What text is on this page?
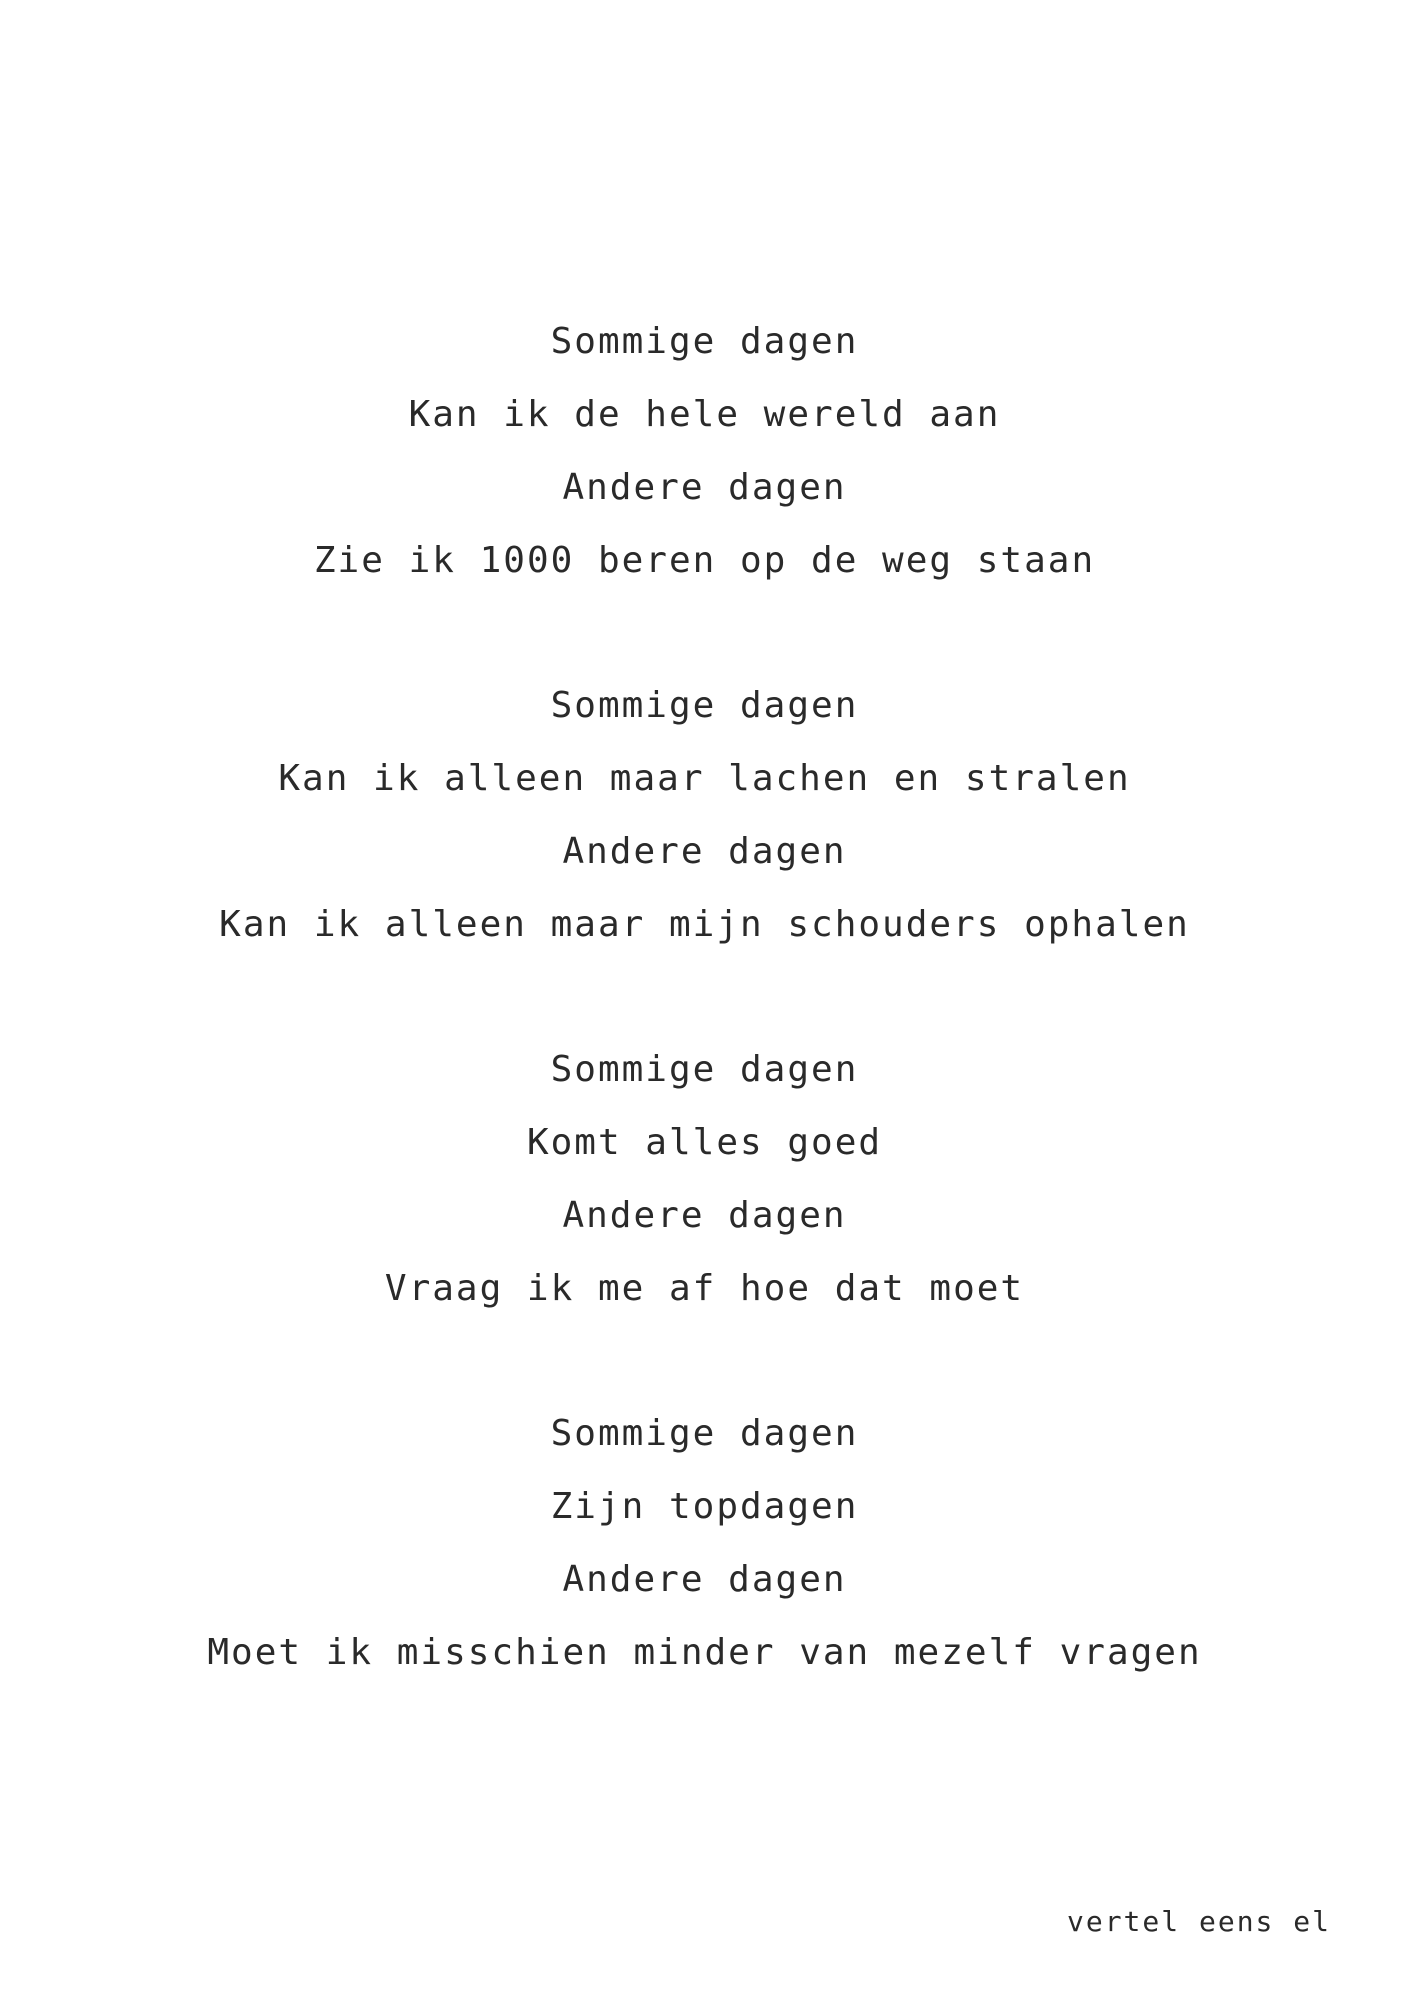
Sommige dagen

Kan ik de hele wereld aan

Andere dagen

Zie ik 1000 beren op de weg staan

Sommige dagen

Kan ik alleen maar lachen en stralen

Andere dagen

Kan ik alleen maar mijn schouders ophalen

Sommige dagen

Komt alles goed

Andere dagen

Vraag ik me af hoe dat moet

Sommige dagen

Zijn topdagen

Andere dagen

Moet ik misschien minder van mezelf vragen

vertel eens el
